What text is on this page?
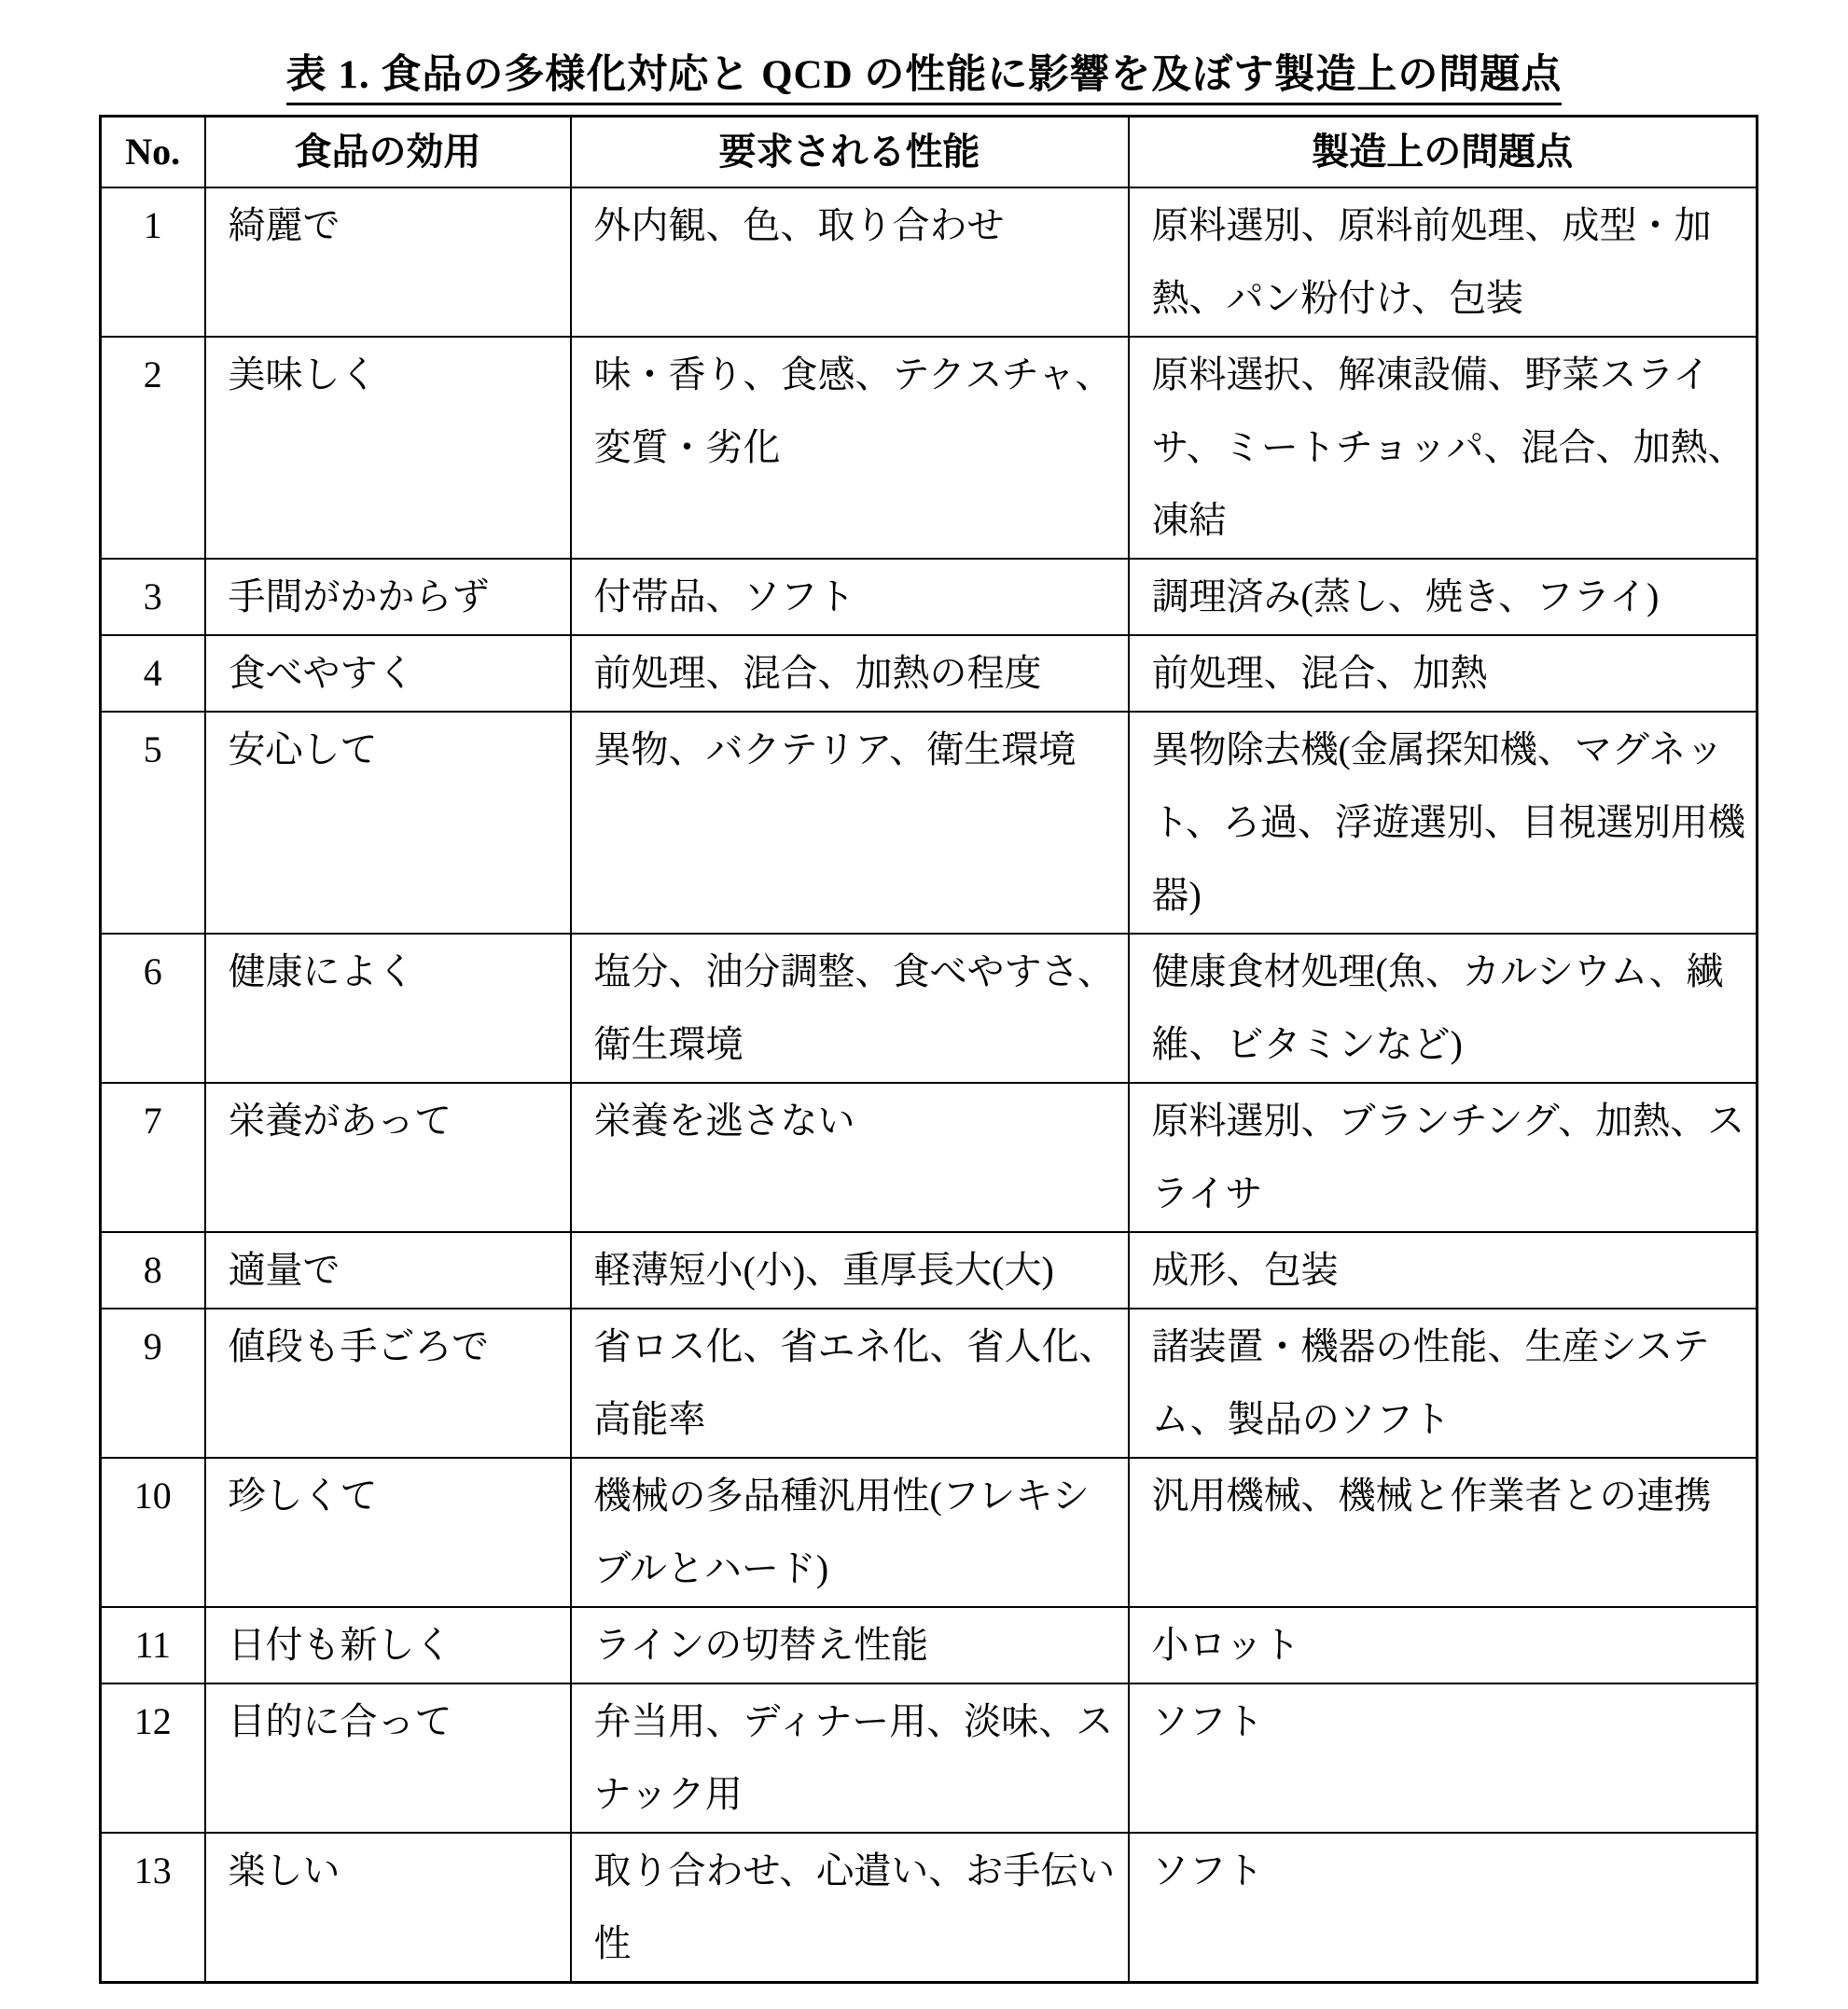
表 1. 食品の多様化対応と QCD の性能に影響を及ぼす製造上の問題点
No.	食品の効用	要求される性能	製造上の問題点
1	綺麗で	外内観、色、取り合わせ	原料選別、原料前処理、成型・加熱、パン粉付け、包装
2	美味しく	味・香り、食感、テクスチャ、変質・劣化	原料選択、解凍設備、野菜スライサ、ミートチョッパ、混合、加熱、凍結
3	手間がかからず	付帯品、ソフト	調理済み(蒸し、焼き、フライ)
4	食べやすく	前処理、混合、加熱の程度	前処理、混合、加熱
5	安心して	異物、バクテリア、衛生環境	異物除去機(金属探知機、マグネット、ろ過、浮遊選別、目視選別用機器)
6	健康によく	塩分、油分調整、食べやすさ、衛生環境	健康食材処理(魚、カルシウム、繊維、ビタミンなど)
7	栄養があって	栄養を逃さない	原料選別、ブランチング、加熱、スライサ
8	適量で	軽薄短小(小)、重厚長大(大)	成形、包装
9	値段も手ごろで	省ロス化、省エネ化、省人化、高能率	諸装置・機器の性能、生産システム、製品のソフト
10	珍しくて	機械の多品種汎用性(フレキシブルとハード)	汎用機械、機械と作業者との連携
11	日付も新しく	ラインの切替え性能	小ロット
12	目的に合って	弁当用、ディナー用、淡味、スナック用	ソフト
13	楽しい	取り合わせ、心遣い、お手伝い性	ソフト
